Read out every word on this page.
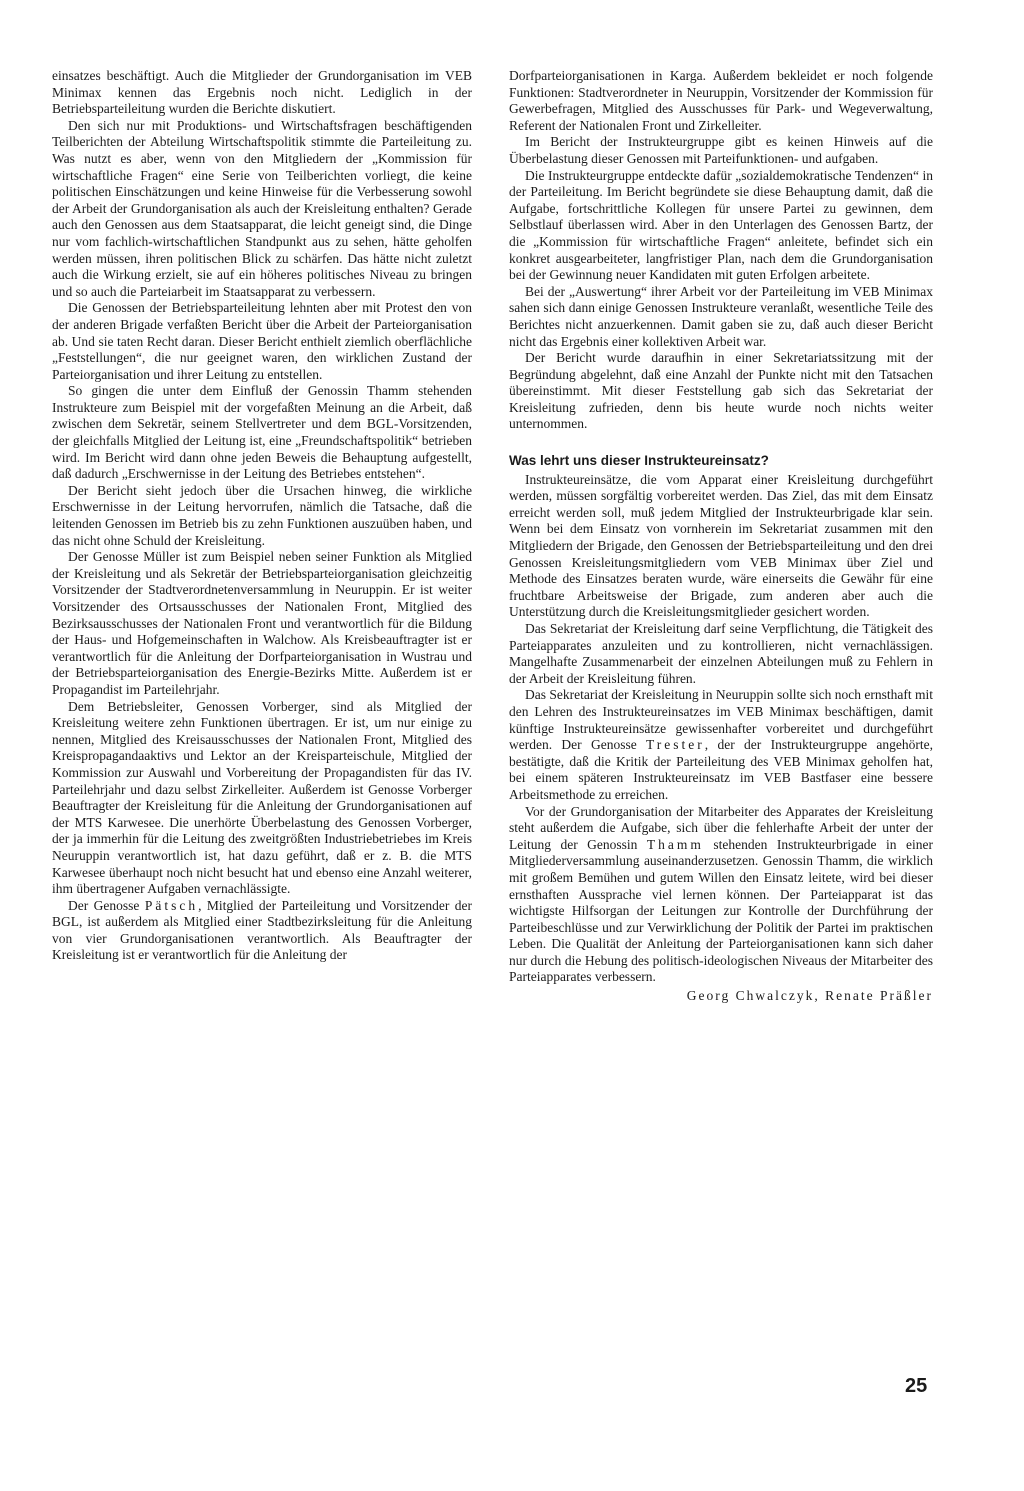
einsatzes beschäftigt. Auch die Mitglieder der Grundorganisation im VEB Minimax kennen das Ergebnis noch nicht. Lediglich in der Betriebsparteileitung wurden die Berichte diskutiert.

Den sich nur mit Produktions- und Wirtschaftsfragen beschäftigenden Teilberichten der Abteilung Wirtschaftspolitik stimmte die Parteileitung zu. Was nutzt es aber, wenn von den Mitgliedern der „Kommission für wirtschaftliche Fragen“ eine Serie von Teilberichten vorliegt, die keine politischen Einschätzungen und keine Hinweise für die Verbesserung sowohl der Arbeit der Grundorganisation als auch der Kreisleitung enthalten? Gerade auch den Genossen aus dem Staatsapparat, die leicht geneigt sind, die Dinge nur vom fachlich-wirtschaftlichen Standpunkt aus zu sehen, hätte geholfen werden müssen, ihren politischen Blick zu schärfen. Das hätte nicht zuletzt auch die Wirkung erzielt, sie auf ein höheres politisches Niveau zu bringen und so auch die Parteiarbeit im Staatsapparat zu verbessern.

Die Genossen der Betriebsparteileitung lehnten aber mit Protest den von der anderen Brigade verfaßten Bericht über die Arbeit der Parteiorganisation ab. Und sie taten Recht daran. Dieser Bericht enthielt ziemlich oberflächliche „Feststellungen“, die nur geeignet waren, den wirklichen Zustand der Parteiorganisation und ihrer Leitung zu entstellen.

So gingen die unter dem Einfluß der Genossin Thamm stehenden Instrukteure zum Beispiel mit der vorgefaßten Meinung an die Arbeit, daß zwischen dem Sekretär, seinem Stellvertreter und dem BGL-Vorsitzenden, der gleichfalls Mitglied der Leitung ist, eine „Freundschaftspolitik“ betrieben wird. Im Bericht wird dann ohne jeden Beweis die Behauptung aufgestellt, daß dadurch „Erschwernisse in der Leitung des Betriebes entstehen“.

Der Bericht sieht jedoch über die Ursachen hinweg, die wirkliche Erschwernisse in der Leitung hervorrufen, nämlich die Tatsache, daß die leitenden Genossen im Betrieb bis zu zehn Funktionen auszuüben haben, und das nicht ohne Schuld der Kreisleitung.

Der Genosse Müller ist zum Beispiel neben seiner Funktion als Mitglied der Kreisleitung und als Sekretär der Betriebsparteiorganisation gleichzeitig Vorsitzender der Stadtverordnetenversammlung in Neuruppin. Er ist weiter Vorsitzender des Ortsausschusses der Nationalen Front, Mitglied des Bezirksausschusses der Nationalen Front und verantwortlich für die Bildung der Haus- und Hofgemeinschaften in Walchow. Als Kreisbeauftragter ist er verantwortlich für die Anleitung der Dorfparteiorganisation in Wustrau und der Betriebsparteiorganisation des Energie-Bezirks Mitte. Außerdem ist er Propagandist im Parteilehrjahr.

Dem Betriebsleiter, Genossen Vorberger, sind als Mitglied der Kreisleitung weitere zehn Funktionen übertragen. Er ist, um nur einige zu nennen, Mitglied des Kreisausschusses der Nationalen Front, Mitglied des Kreispropagandaaktivs und Lektor an der Kreisparteischule, Mitglied der Kommission zur Auswahl und Vorbereitung der Propagandisten für das IV. Parteilehrjahr und dazu selbst Zirkelleiter. Außerdem ist Genosse Vorberger Beauftragter der Kreisleitung für die Anleitung der Grundorganisationen auf der MTS Karwesee. Die unerhörte Überbelastung des Genossen Vorberger, der ja immerhin für die Leitung des zweitgrößten Industriebetriebes im Kreis Neuruppin verantwortlich ist, hat dazu geführt, daß er z. B. die MTS Karwesee überhaupt noch nicht besucht hat und ebenso eine Anzahl weiterer, ihm übertragener Aufgaben vernachlässigte.

Der Genosse Pätsch, Mitglied der Parteileitung und Vorsitzender der BGL, ist außerdem als Mitglied einer Stadtbezirksleitung für die Anleitung von vier Grundorganisationen verantwortlich. Als Beauftragter der Kreisleitung ist er verantwortlich für die Anleitung der

Dorfparteiorganisationen in Karga. Außerdem bekleidet er noch folgende Funktionen: Stadtverordneter in Neuruppin, Vorsitzender der Kommission für Gewerbefragen, Mitglied des Ausschusses für Park- und Wegeverwaltung, Referent der Nationalen Front und Zirkelleiter.

Im Bericht der Instrukteurgruppe gibt es keinen Hinweis auf die Überbelastung dieser Genossen mit Parteifunktionen- und aufgaben.

Die Instrukteurgruppe entdeckte dafür „sozialdemokratische Tendenzen“ in der Parteileitung. Im Bericht begründete sie diese Behauptung damit, daß die Aufgabe, fortschrittliche Kollegen für unsere Partei zu gewinnen, dem Selbstlauf überlassen wird. Aber in den Unterlagen des Genossen Bartz, der die „Kommission für wirtschaftliche Fragen“ anleitete, befindet sich ein konkret ausgearbeiteter, langfristiger Plan, nach dem die Grundorganisation bei der Gewinnung neuer Kandidaten mit guten Erfolgen arbeitete.

Bei der „Auswertung“ ihrer Arbeit vor der Parteileitung im VEB Minimax sahen sich dann einige Genossen Instrukteure veranlaßt, wesentliche Teile des Berichtes nicht anzuerkennen. Damit gaben sie zu, daß auch dieser Bericht nicht das Ergebnis einer kollektiven Arbeit war.

Der Bericht wurde daraufhin in einer Sekretariatssitzung mit der Begründung abgelehnt, daß eine Anzahl der Punkte nicht mit den Tatsachen übereinstimmt. Mit dieser Feststellung gab sich das Sekretariat der Kreisleitung zufrieden, denn bis heute wurde noch nichts weiter unternommen.

Was lehrt uns dieser Instrukteureinsatz?

Instrukteureinsätze, die vom Apparat einer Kreisleitung durchgeführt werden, müssen sorgfältig vorbereitet werden. Das Ziel, das mit dem Einsatz erreicht werden soll, muß jedem Mitglied der Instrukteurbrigade klar sein. Wenn bei dem Einsatz von vornherein im Sekretariat zusammen mit den Mitgliedern der Brigade, den Genossen der Betriebsparteileitung und den drei Genossen Kreisleitungsmitgliedern vom VEB Minimax über Ziel und Methode des Einsatzes beraten wurde, wäre einerseits die Gewähr für eine fruchtbare Arbeitsweise der Brigade, zum anderen aber auch die Unterstützung durch die Kreisleitungsmitglieder gesichert worden.

Das Sekretariat der Kreisleitung darf seine Verpflichtung, die Tätigkeit des Parteiapparates anzuleiten und zu kontrollieren, nicht vernachlässigen. Mangelhafte Zusammenarbeit der einzelnen Abteilungen muß zu Fehlern in der Arbeit der Kreisleitung führen.

Das Sekretariat der Kreisleitung in Neuruppin sollte sich noch ernsthaft mit den Lehren des Instrukteureinsatzes im VEB Minimax beschäftigen, damit künftige Instrukteureinsätze gewissenhafter vorbereitet und durchgeführt werden. Der Genosse Trester, der der Instrukteurgruppe angehörte, bestätigte, daß die Kritik der Parteileitung des VEB Minimax geholfen hat, bei einem späteren Instrukteureinsatz im VEB Bastfaser eine bessere Arbeitsmethode zu erreichen.

Vor der Grundorganisation der Mitarbeiter des Apparates der Kreisleitung steht außerdem die Aufgabe, sich über die fehlerhafte Arbeit der unter der Leitung der Genossin Thamm stehenden Instrukteurbrigade in einer Mitgliederversammlung auseinanderzusetzen. Genossin Thamm, die wirklich mit großem Bemühen und gutem Willen den Einsatz leitete, wird bei dieser ernsthaften Aussprache viel lernen können. Der Parteiapparat ist das wichtigste Hilfsorgan der Leitungen zur Kontrolle der Durchführung der Parteibeschlüsse und zur Verwirklichung der Politik der Partei im praktischen Leben. Die Qualität der Anleitung der Parteiorganisationen kann sich daher nur durch die Hebung des politisch-ideologischen Niveaus der Mitarbeiter des Parteiapparates verbessern.

Georg Chwalczyk, Renate Präßler
25
